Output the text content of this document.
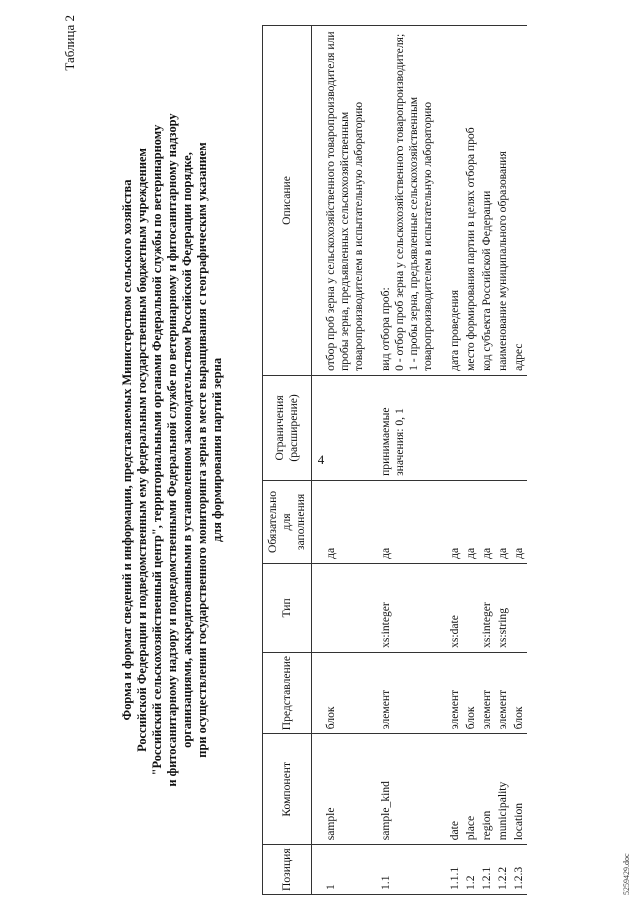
4
Таблица 2
Форма и формат сведений и информации, представляемых Министерством сельского хозяйства Российской Федерации и подведомственным ему федеральным государственным бюджетным учреждением "Российский сельскохозяйственный центр", территориальными органами Федеральной службы по ветеринарному и фитосанитарному надзору и подведомственными Федеральной службе по ветеринарному и фитосанитарному надзору организациями, аккредитованными в установленном законодательством Российской Федерации порядке, при осуществлении государственного мониторинга зерна в месте выращивания с географическим указанием для формирования партий зерна
Позиция	Компонент	Представление	Тип	Обязательно для заполнения	Ограничения (расширение)	Описание
1	sample	блок		да		отбор проб зерна у сельскохозяйственного товаропроизводителя или пробы зерна, предъявленных сельскохозяйственным товаропроизводителем в испытательную лабораторию

1.1	sample_kind	элемент	xs:integer	да	принимаемые значения: 0, 1	вид отбора проб: 0 - отбор проб зерна у сельскохозяйственного товаропроизводителя; 1 - пробы зерна, предъявленные сельскохозяйственным товаропроизводителем в испытательную лабораторию

1.1.1	date	элемент	xs:date	да		дата проведения

1.2	place	блок		да		место формирования партии в целях отбора проб

1.2.1	region	элемент	xs:integer	да		код субъекта Российской Федерации

1.2.2	municipality	элемент	xs:string	да		наименование муниципального образования

1.2.3	location	блок		да		адрес
5259429.doc
